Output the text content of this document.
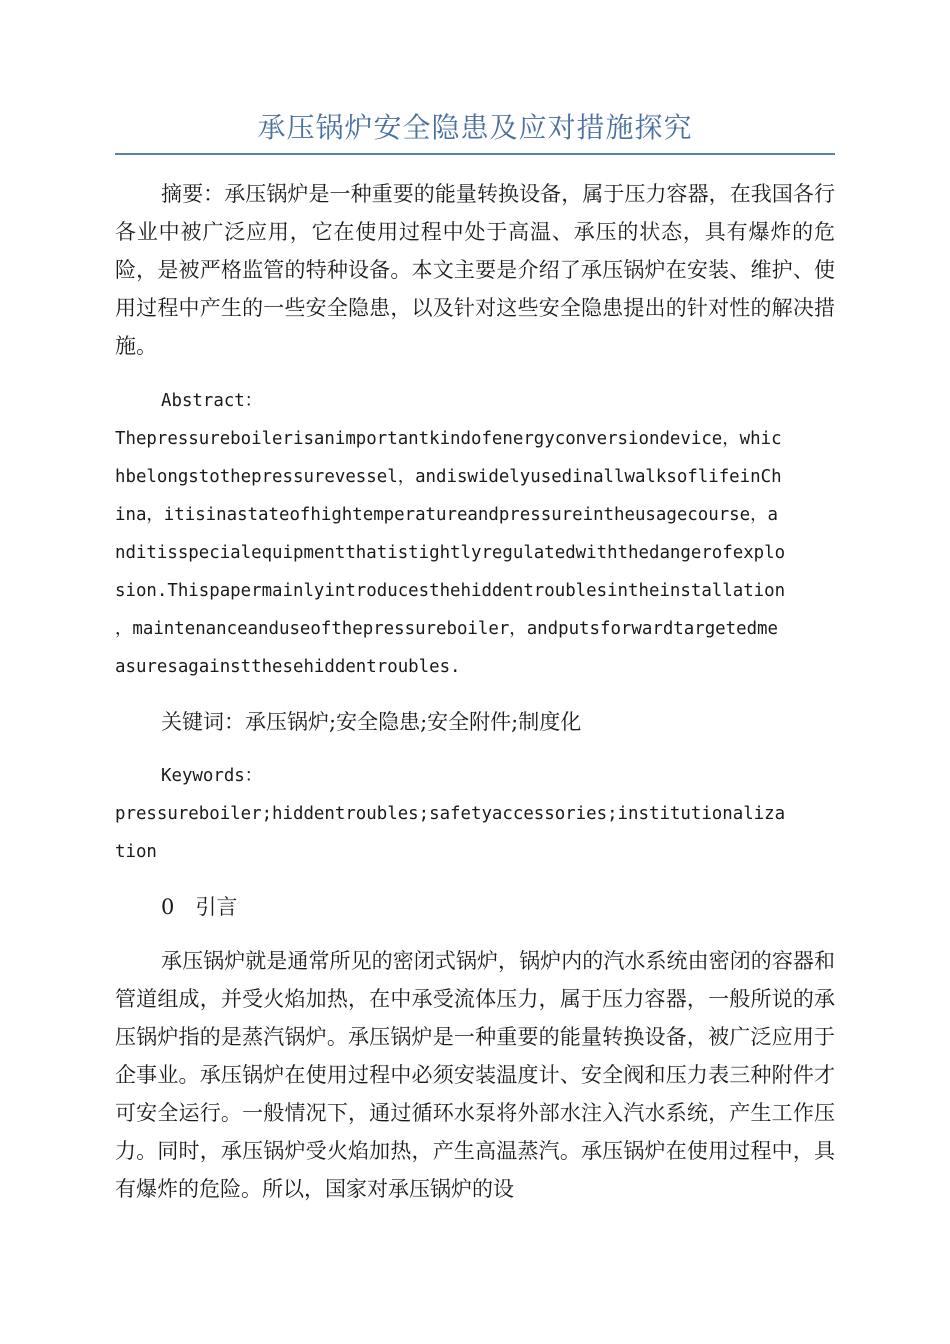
承压锅炉安全隐患及应对措施探究

摘要：承压锅炉是一种重要的能量转换设备，属于压力容器，在我国各行各业中被广泛应用，它在使用过程中处于高温、承压的状态，具有爆炸的危险，是被严格监管的特种设备。本文主要是介绍了承压锅炉在安装、维护、使用过程中产生的一些安全隐患，以及针对这些安全隐患提出的针对性的解决措施。

Abstract：
Thepressureboilerisanimportantkindofenergyconversiondevice，whic
hbelongstothepressurevessel，andiswidelyusedinallwalksoflifeinCh
ina，itisinastateofhightemperatureandpressureintheusagecourse，a
nditisspecialequipmentthatistightlyregulatedwiththedangerofexplo
sion.Thispapermainlyintroducesthehiddentroublesintheinstallation
，maintenanceanduseofthepressureboiler，andputsforwardtargetedme
asuresagainstthesehiddentroubles.

关键词：承压锅炉;安全隐患;安全附件;制度化

Keywords：
pressureboiler;hiddentroubles;safetyaccessories;institutionaliza
tion

0　引言

承压锅炉就是通常所见的密闭式锅炉，锅炉内的汽水系统由密闭的容器和管道组成，并受火焰加热，在中承受流体压力，属于压力容器，一般所说的承压锅炉指的是蒸汽锅炉。承压锅炉是一种重要的能量转换设备，被广泛应用于企事业。承压锅炉在使用过程中必须安装温度计、安全阀和压力表三种附件才可安全运行。一般情况下，通过循环水泵将外部水注入汽水系统，产生工作压力。同时，承压锅炉受火焰加热，产生高温蒸汽。承压锅炉在使用过程中，具有爆炸的危险。所以，国家对承压锅炉的设
